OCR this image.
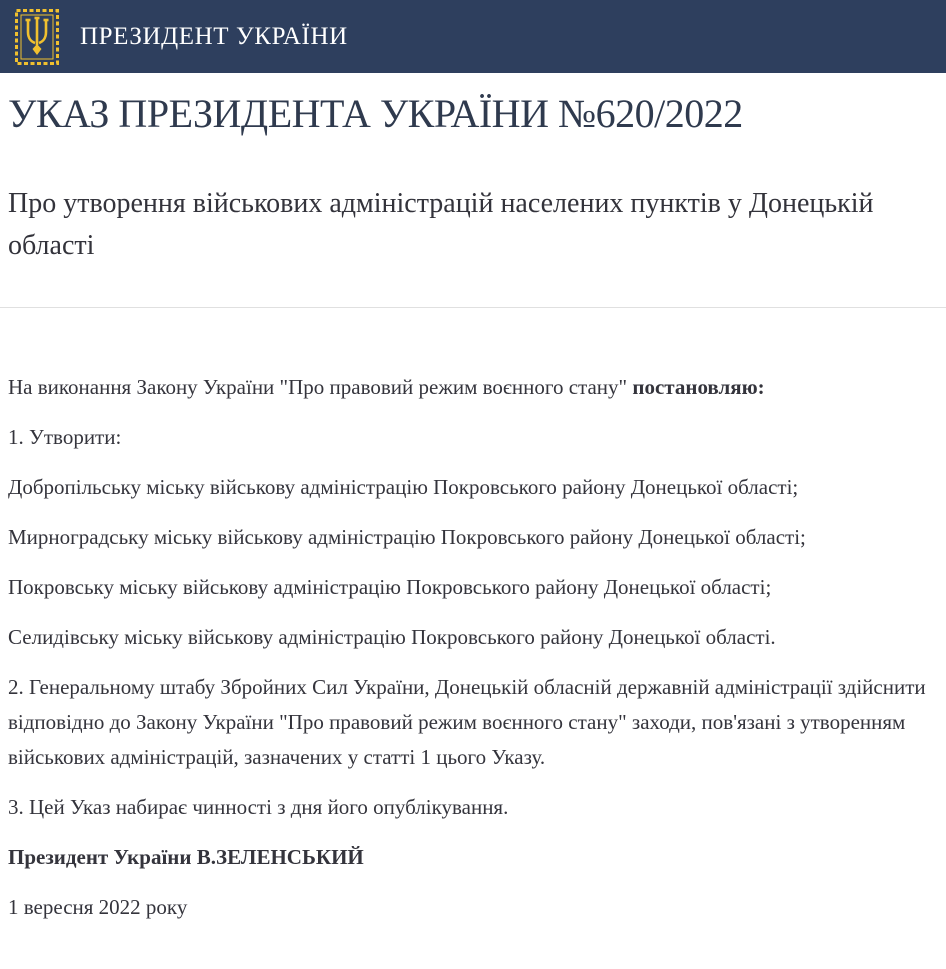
ПРЕЗИДЕНТ УКРАЇНИ
УКАЗ ПРЕЗИДЕНТА УКРАЇНИ №620/2022
Про утворення військових адміністрацій населених пунктів у Донецькій області

На виконання Закону України "Про правовий режим воєнного стану" постановляю:

1. Утворити:

Добропільську міську військову адміністрацію Покровського району Донецької області;

Мирноградську міську військову адміністрацію Покровського району Донецької області;

Покровську міську військову адміністрацію Покровського району Донецької області;

Селидівську міську військову адміністрацію Покровського району Донецької області.

2. Генеральному штабу Збройних Сил України, Донецькій обласній державній адміністрації здійснити відповідно до Закону України "Про правовий режим воєнного стану" заходи, пов'язані з утворенням військових адміністрацій, зазначених у статті 1 цього Указу.

3. Цей Указ набирає чинності з дня його опублікування.

Президент України В.ЗЕЛЕНСЬКИЙ

1 вересня 2022 року
